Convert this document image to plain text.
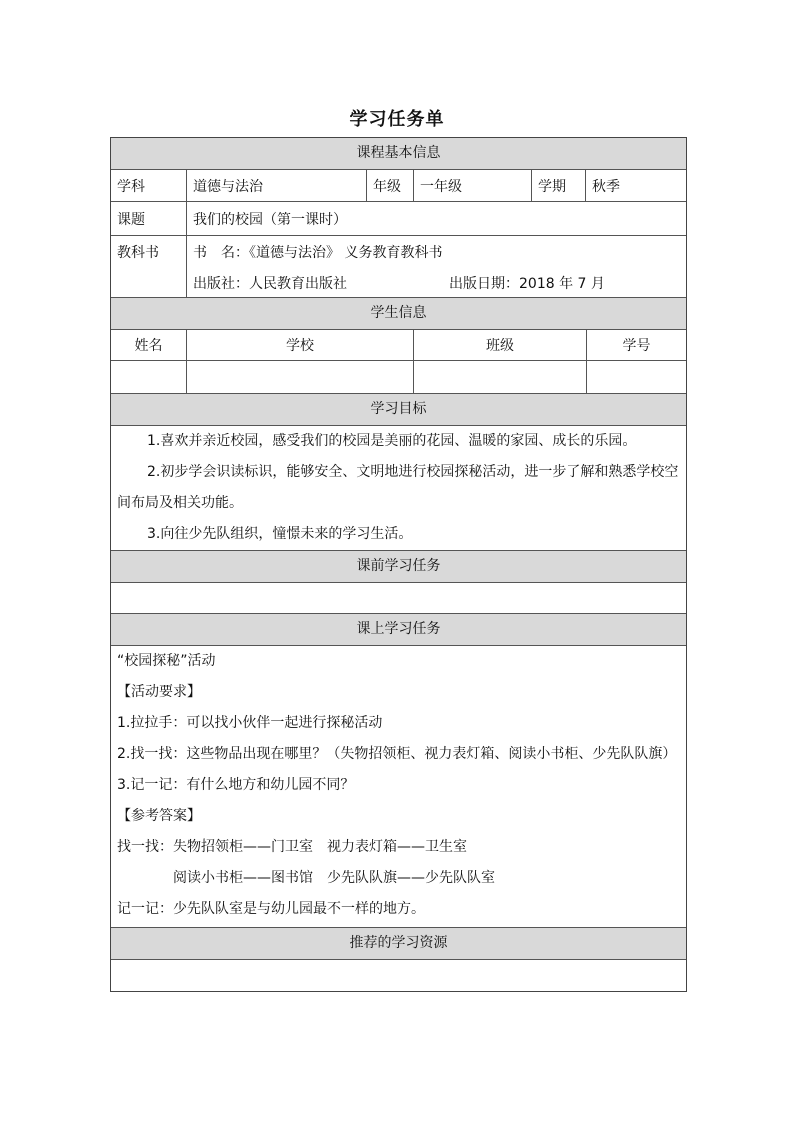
学习任务单
课程基本信息
学科	道德与法治	年级	一年级	学期	秋季
课题	我们的校园（第一课时）
教科书	书　名：《道德与法治》 义务教育教科书
出版社：人民教育出版社	出版日期：2018 年 7 月
学生信息
姓名	学校	班级	学号
学习目标
1.喜欢并亲近校园，感受我们的校园是美丽的花园、温暖的家园、成长的乐园。
2.初步学会识读标识，能够安全、文明地进行校园探秘活动，进一步了解和熟悉学校空
间布局及相关功能。
3.向往少先队组织，憧憬未来的学习生活。
课前学习任务
课上学习任务
“校园探秘”活动
【活动要求】
1.拉拉手：可以找小伙伴一起进行探秘活动
2.找一找：这些物品出现在哪里？（失物招领柜、视力表灯箱、阅读小书柜、少先队队旗）
3.记一记：有什么地方和幼儿园不同？
【参考答案】
找一找：失物招领柜——门卫室　视力表灯箱——卫生室
阅读小书柜——图书馆　少先队队旗——少先队队室
记一记：少先队队室是与幼儿园最不一样的地方。
推荐的学习资源
